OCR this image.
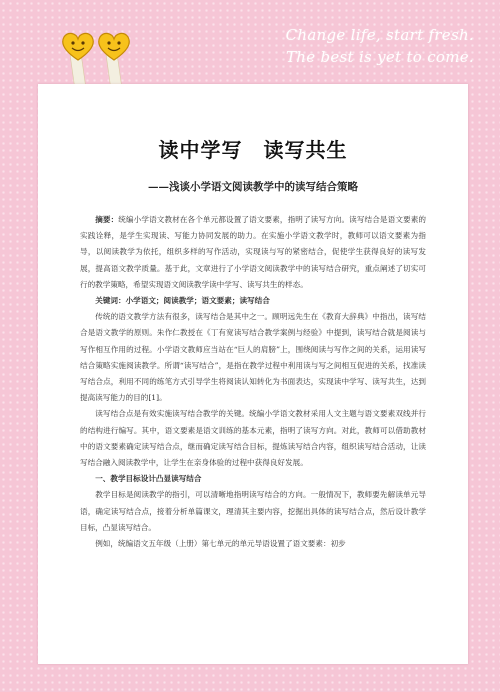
Change life, start fresh.
The best is yet to come.
读中学写　读写共生
——浅谈小学语文阅读教学中的读写结合策略

摘要：统编小学语文教材在各个单元都设置了语文要素，指明了读写方向。读写结合是语文要素的实践诠释，是学生实现读、写能力协同发展的助力。在实施小学语文教学时，教师可以语文要素为指导，以阅读教学为依托，组织多样的写作活动，实现读与写的紧密结合，促使学生获得良好的读写发展，提高语文教学质量。基于此，文章进行了小学语文阅读教学中的读写结合研究，重点阐述了切实可行的教学策略，希望实现语文阅读教学读中学写、读写共生的样态。

关键词：小学语文；阅读教学；语文要素；读写结合

传统的语文教学方法有很多，读写结合是其中之一。顾明远先生在《教育大辞典》中指出，读写结合是语文教学的原则。朱作仁教授在《丁有宽读写结合教学案例与经验》中提到，读写结合就是阅读与写作相互作用的过程。小学语文教师应当站在“巨人的肩膀”上，围绕阅读与写作之间的关系，运用读写结合策略实施阅读教学。所谓“读写结合”，是指在教学过程中利用读与写之间相互促进的关系，找准读写结合点，利用不同的练笔方式引导学生将阅读认知转化为书面表达，实现读中学写、读写共生，达到提高读写能力的目的[1]。

读写结合点是有效实施读写结合教学的关键。统编小学语文教材采用人文主题与语文要素双线并行的结构进行编写。其中，语文要素是语文训练的基本元素，指明了读写方向。对此，教师可以借助教材中的语文要素确定读写结合点，继而确定读写结合目标，提炼读写结合内容，组织读写结合活动，让读写结合融入阅读教学中，让学生在亲身体验的过程中获得良好发展。

一、教学目标设计凸显读写结合

教学目标是阅读教学的指引，可以清晰地指明读写结合的方向。一般情况下，教师要先解读单元导语，确定读写结合点，接着分析单篇课文，理清其主要内容，挖掘出具体的读写结合点，然后设计教学目标，凸显读写结合。

例如，统编语文五年级（上册）第七单元的单元导语设置了语文要素：初步
